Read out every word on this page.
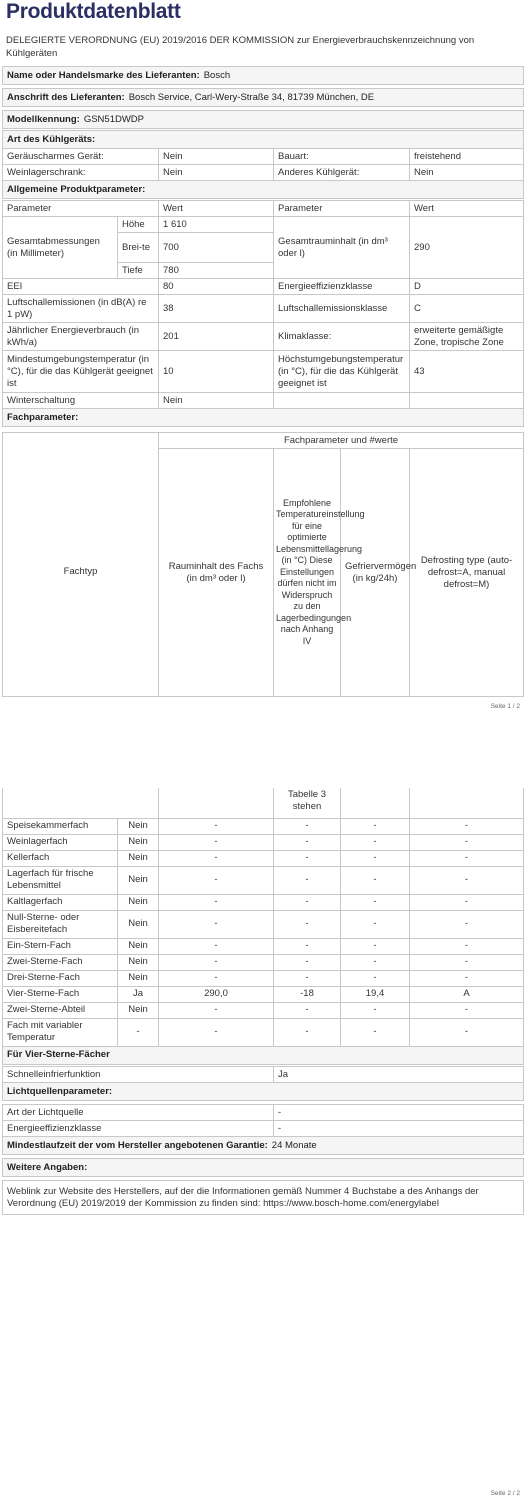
Produktdatenblatt
DELEGIERTE VERORDNUNG (EU) 2019/2016 DER KOMMISSION zur Energieverbrauchskennzeichnung von Kühlgeräten
Name oder Handelsmarke des Lieferanten: Bosch

Anschrift des Lieferanten: Bosch Service, Carl-Wery-Straße 34, 81739 München, DE

Modellkennung: GSN51DWDP
Art des Kühlgeräts:			
Geräuscharmes Gerät:	Nein	Bauart:	freistehend
Weinlagerschrank:	Nein	Anderes Kühlgerät:	Nein
Allgemeine Produktparameter:			
Parameter		Wert	Parameter	Wert
Gesamtabmessungen (in Millimeter)	Höhe	1 610	Gesamtrauminhalt (in dm³ oder l)	290
	Brei-te	700		
	Tiefe	780		
EEI		80	Energieeffizienzklasse	D
Luftschallemissionen (in dB(A) re 1 pW)		38	Luftschallemissionsklasse	C
Jährlicher Energieverbrauch (in kWh/a)		201	Klimaklasse:	erweiterte gemäßigte Zone, tropische Zone
Mindestumgebungstemperatur (in °C), für die das Kühlgerät geeignet ist		10	Höchstumgebungstemperatur (in °C), für die das Kühlgerät geeignet ist	43
Winterschaltung		Nein		
Fachparameter:				
	Fachparameter und #werte			
Fachtyp	Rauminhalt des Fachs (in dm³ oder l)	Empfohlene Temperatureinstellung für eine optimierte Lebensmittellagerung (in °C) Diese Einstellungen dürfen nicht im Widerspruch zu den Lagerbedingungen nach Anhang IV	Gefriervermögen (in kg/24h)	Defrosting type (auto-defrost=A, manual defrost=M)
Seite 1 / 2
			Tabelle 3 stehen		
Speisekammerfach	Nein	-	-	-	-
Weinlagerfach	Nein	-	-	-	-
Kellerfach	Nein	-	-	-	-
Lagerfach für frische Lebensmittel	Nein	-	-	-	-
Kaltlagerfach	Nein	-	-	-	-
Null-Sterne- oder Eisbereitefach	Nein	-	-	-	-
Ein-Stern-Fach	Nein	-	-	-	-
Zwei-Sterne-Fach	Nein	-	-	-	-
Drei-Sterne-Fach	Nein	-	-	-	-
Vier-Sterne-Fach	Ja	290,0	-18	19,4	A
Zwei-Sterne-Abteil	Nein	-	-	-	-
Fach mit variabler Temperatur	-	-	-	-	-
Für Vier-Sterne-Fächer					
Schnelleinfrierfunktion	Ja
Lichtquellenparameter:	

Art der Lichtquelle	-
Energieeffizienzklasse	-
Mindestlaufzeit der vom Hersteller angebotenen Garantie: 24 Monate	

Weitere Angaben:	

Weblink zur Website des Herstellers, auf der die Informationen gemäß Nummer 4 Buchstabe a des Anhangs der Verordnung (EU) 2019/2019 der Kommission zu finden sind: https://www.bosch-home.com/energylabel	
Seite 2 / 2
